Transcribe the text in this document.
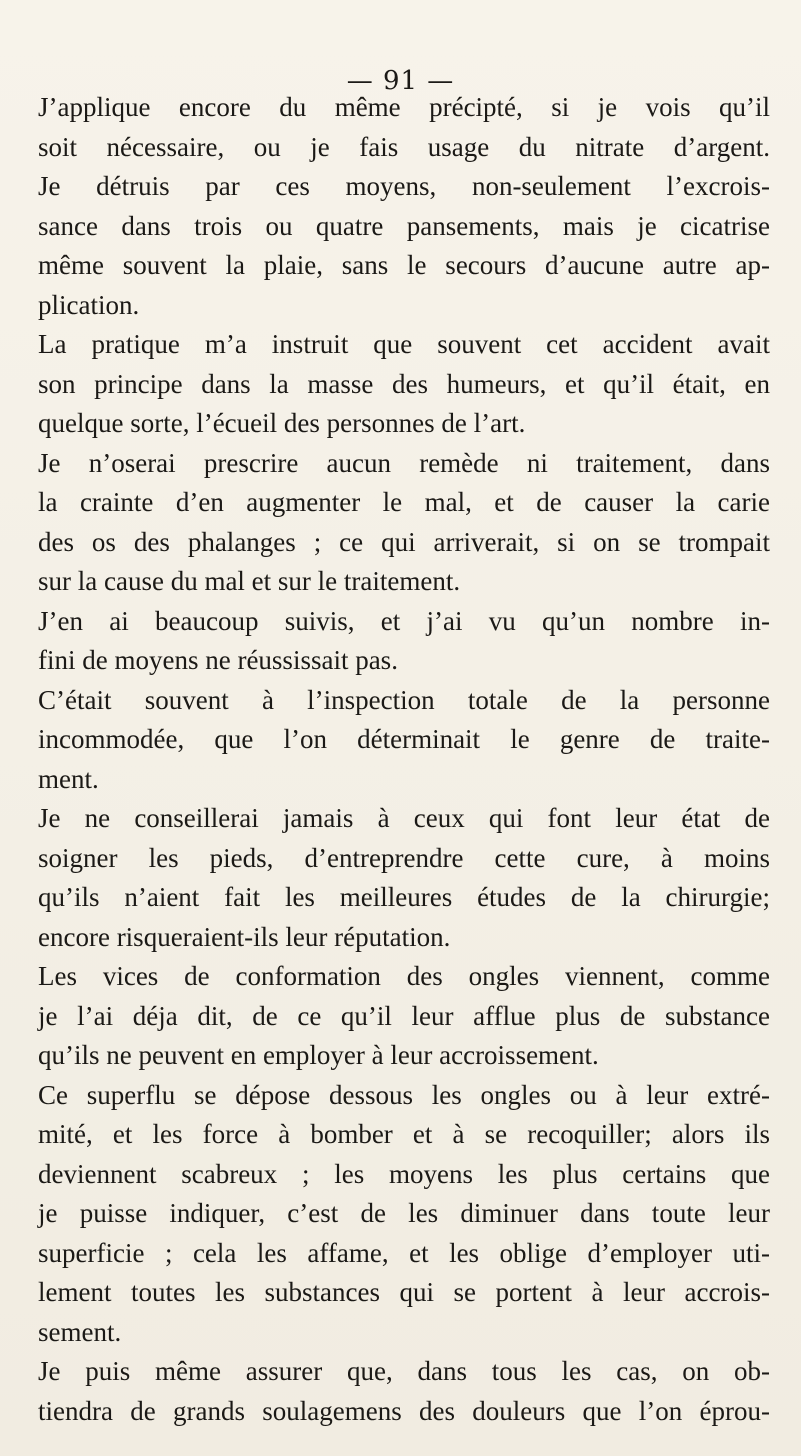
— 91 —
J’applique encore du même précipté, si je vois qu’il
soit nécessaire, ou je fais usage du nitrate d’argent.
Je détruis par ces moyens, non-seulement l’excrois-
sance dans trois ou quatre pansements, mais je cicatrise
même souvent la plaie, sans le secours d’aucune autre ap-
plication.
La pratique m’a instruit que souvent cet accident avait
son principe dans la masse des humeurs, et qu’il était, en
quelque sorte, l’écueil des personnes de l’art.
Je n’oserai prescrire aucun remède ni traitement, dans
la crainte d’en augmenter le mal, et de causer la carie
des os des phalanges ; ce qui arriverait, si on se trompait
sur la cause du mal et sur le traitement.
J’en ai beaucoup suivis, et j’ai vu qu’un nombre in-
fini de moyens ne réussissait pas.
C’était souvent à l’inspection totale de la personne
incommodée, que l’on déterminait le genre de traite-
ment.
Je ne conseillerai jamais à ceux qui font leur état de
soigner les pieds, d’entreprendre cette cure, à moins
qu’ils n’aient fait les meilleures études de la chirurgie;
encore risqueraient-ils leur réputation.
Les vices de conformation des ongles viennent, comme
je l’ai déja dit, de ce qu’il leur afflue plus de substance
qu’ils ne peuvent en employer à leur accroissement.
Ce superflu se dépose dessous les ongles ou à leur extré-
mité, et les force à bomber et à se recoquiller; alors ils
deviennent scabreux ; les moyens les plus certains que
je puisse indiquer, c’est de les diminuer dans toute leur
superficie ; cela les affame, et les oblige d’employer uti-
lement toutes les substances qui se portent à leur accrois-
sement.
Je puis même assurer que, dans tous les cas, on ob-
tiendra de grands soulagemens des douleurs que l’on éprou-
